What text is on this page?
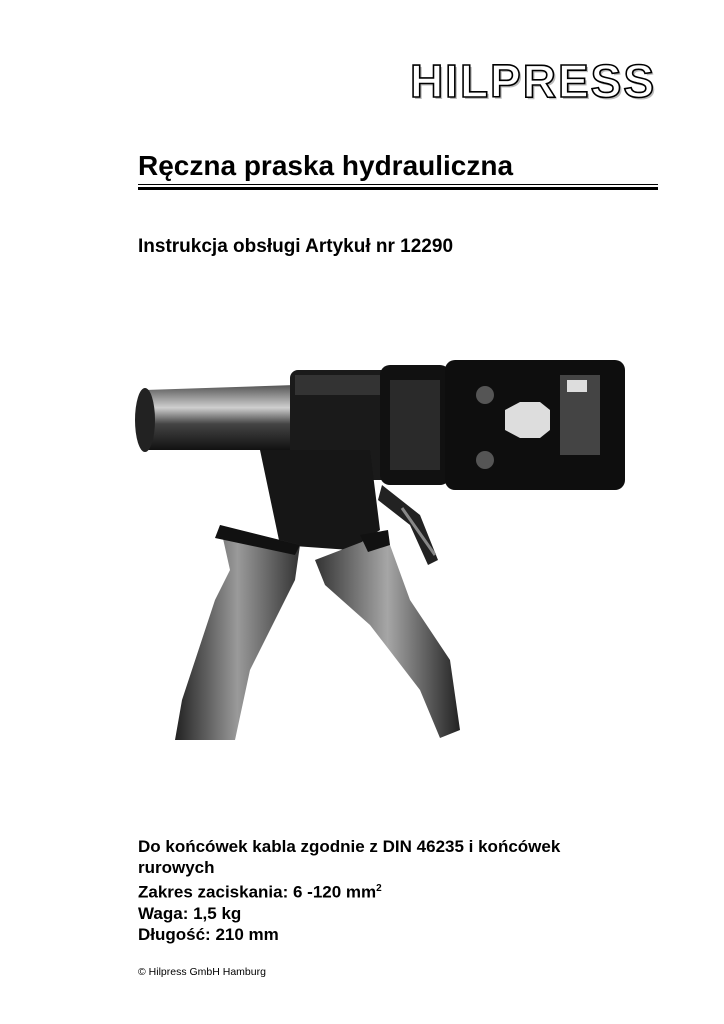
HILPRESS
Ręczna praska hydrauliczna
Instrukcja obsługi Artykuł nr 12290
Do końcówek kabla zgodnie z DIN 46235 i końcówek rurowych
Zakres zaciskania: 6 -120 $mm^2$
Waga: 1,5 kg
Długość: 210 mm
© Hilpress GmbH Hamburg
